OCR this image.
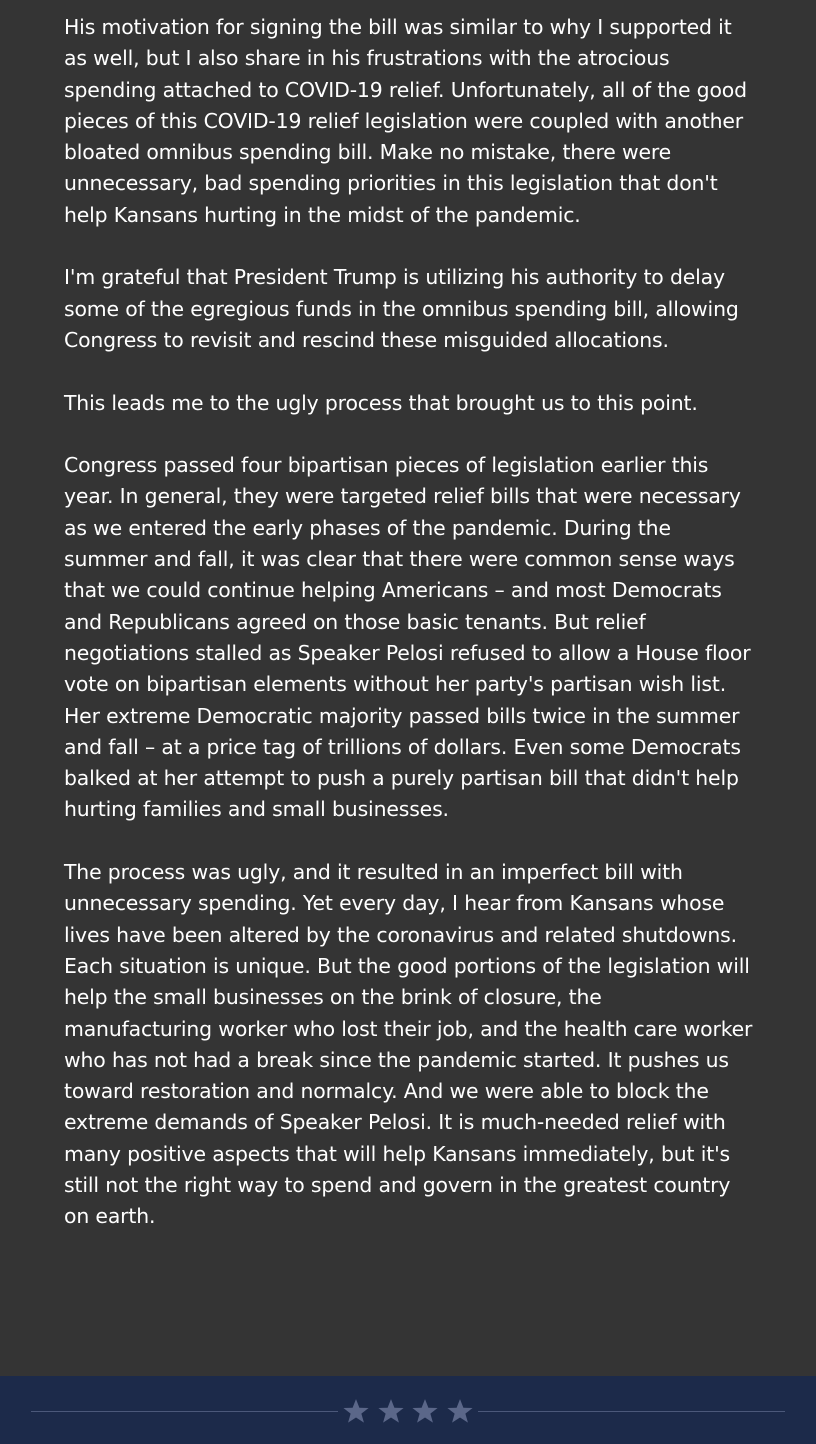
His motivation for signing the bill was similar to why I supported it as well, but I also share in his frustrations with the atrocious spending attached to COVID-19 relief. Unfortunately, all of the good pieces of this COVID-19 relief legislation were coupled with another bloated omnibus spending bill. Make no mistake, there were unnecessary, bad spending priorities in this legislation that don't help Kansans hurting in the midst of the pandemic.

I'm grateful that President Trump is utilizing his authority to delay some of the egregious funds in the omnibus spending bill, allowing Congress to revisit and rescind these misguided allocations.

This leads me to the ugly process that brought us to this point.

Congress passed four bipartisan pieces of legislation earlier this year. In general, they were targeted relief bills that were necessary as we entered the early phases of the pandemic. During the summer and fall, it was clear that there were common sense ways that we could continue helping Americans – and most Democrats and Republicans agreed on those basic tenants. But relief negotiations stalled as Speaker Pelosi refused to allow a House floor vote on bipartisan elements without her party's partisan wish list. Her extreme Democratic majority passed bills twice in the summer and fall – at a price tag of trillions of dollars. Even some Democrats balked at her attempt to push a purely partisan bill that didn't help hurting families and small businesses.

The process was ugly, and it resulted in an imperfect bill with unnecessary spending. Yet every day, I hear from Kansans whose lives have been altered by the coronavirus and related shutdowns. Each situation is unique. But the good portions of the legislation will help the small businesses on the brink of closure, the manufacturing worker who lost their job, and the health care worker who has not had a break since the pandemic started. It pushes us toward restoration and normalcy. And we were able to block the extreme demands of Speaker Pelosi. It is much-needed relief with many positive aspects that will help Kansans immediately, but it's still not the right way to spend and govern in the greatest country on earth.
